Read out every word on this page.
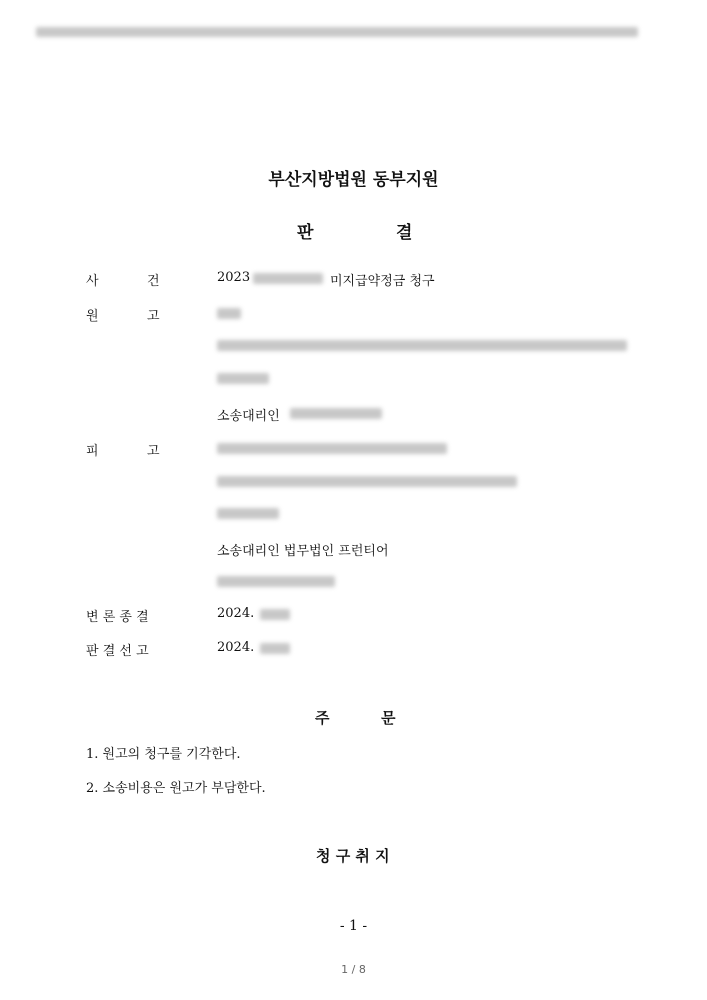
부산지방법원 동부지원
판	결
사	건	2023	미지급약정금 청구
원	고
소송대리인
피	고
소송대리인 법무법인 프런티어
변 론 종 결	2024.
판 결 선 고	2024.
주	문
1. 원고의 청구를 기각한다.
2. 소송비용은 원고가 부담한다.
청 구 취 지
- 1 -
1 / 8
